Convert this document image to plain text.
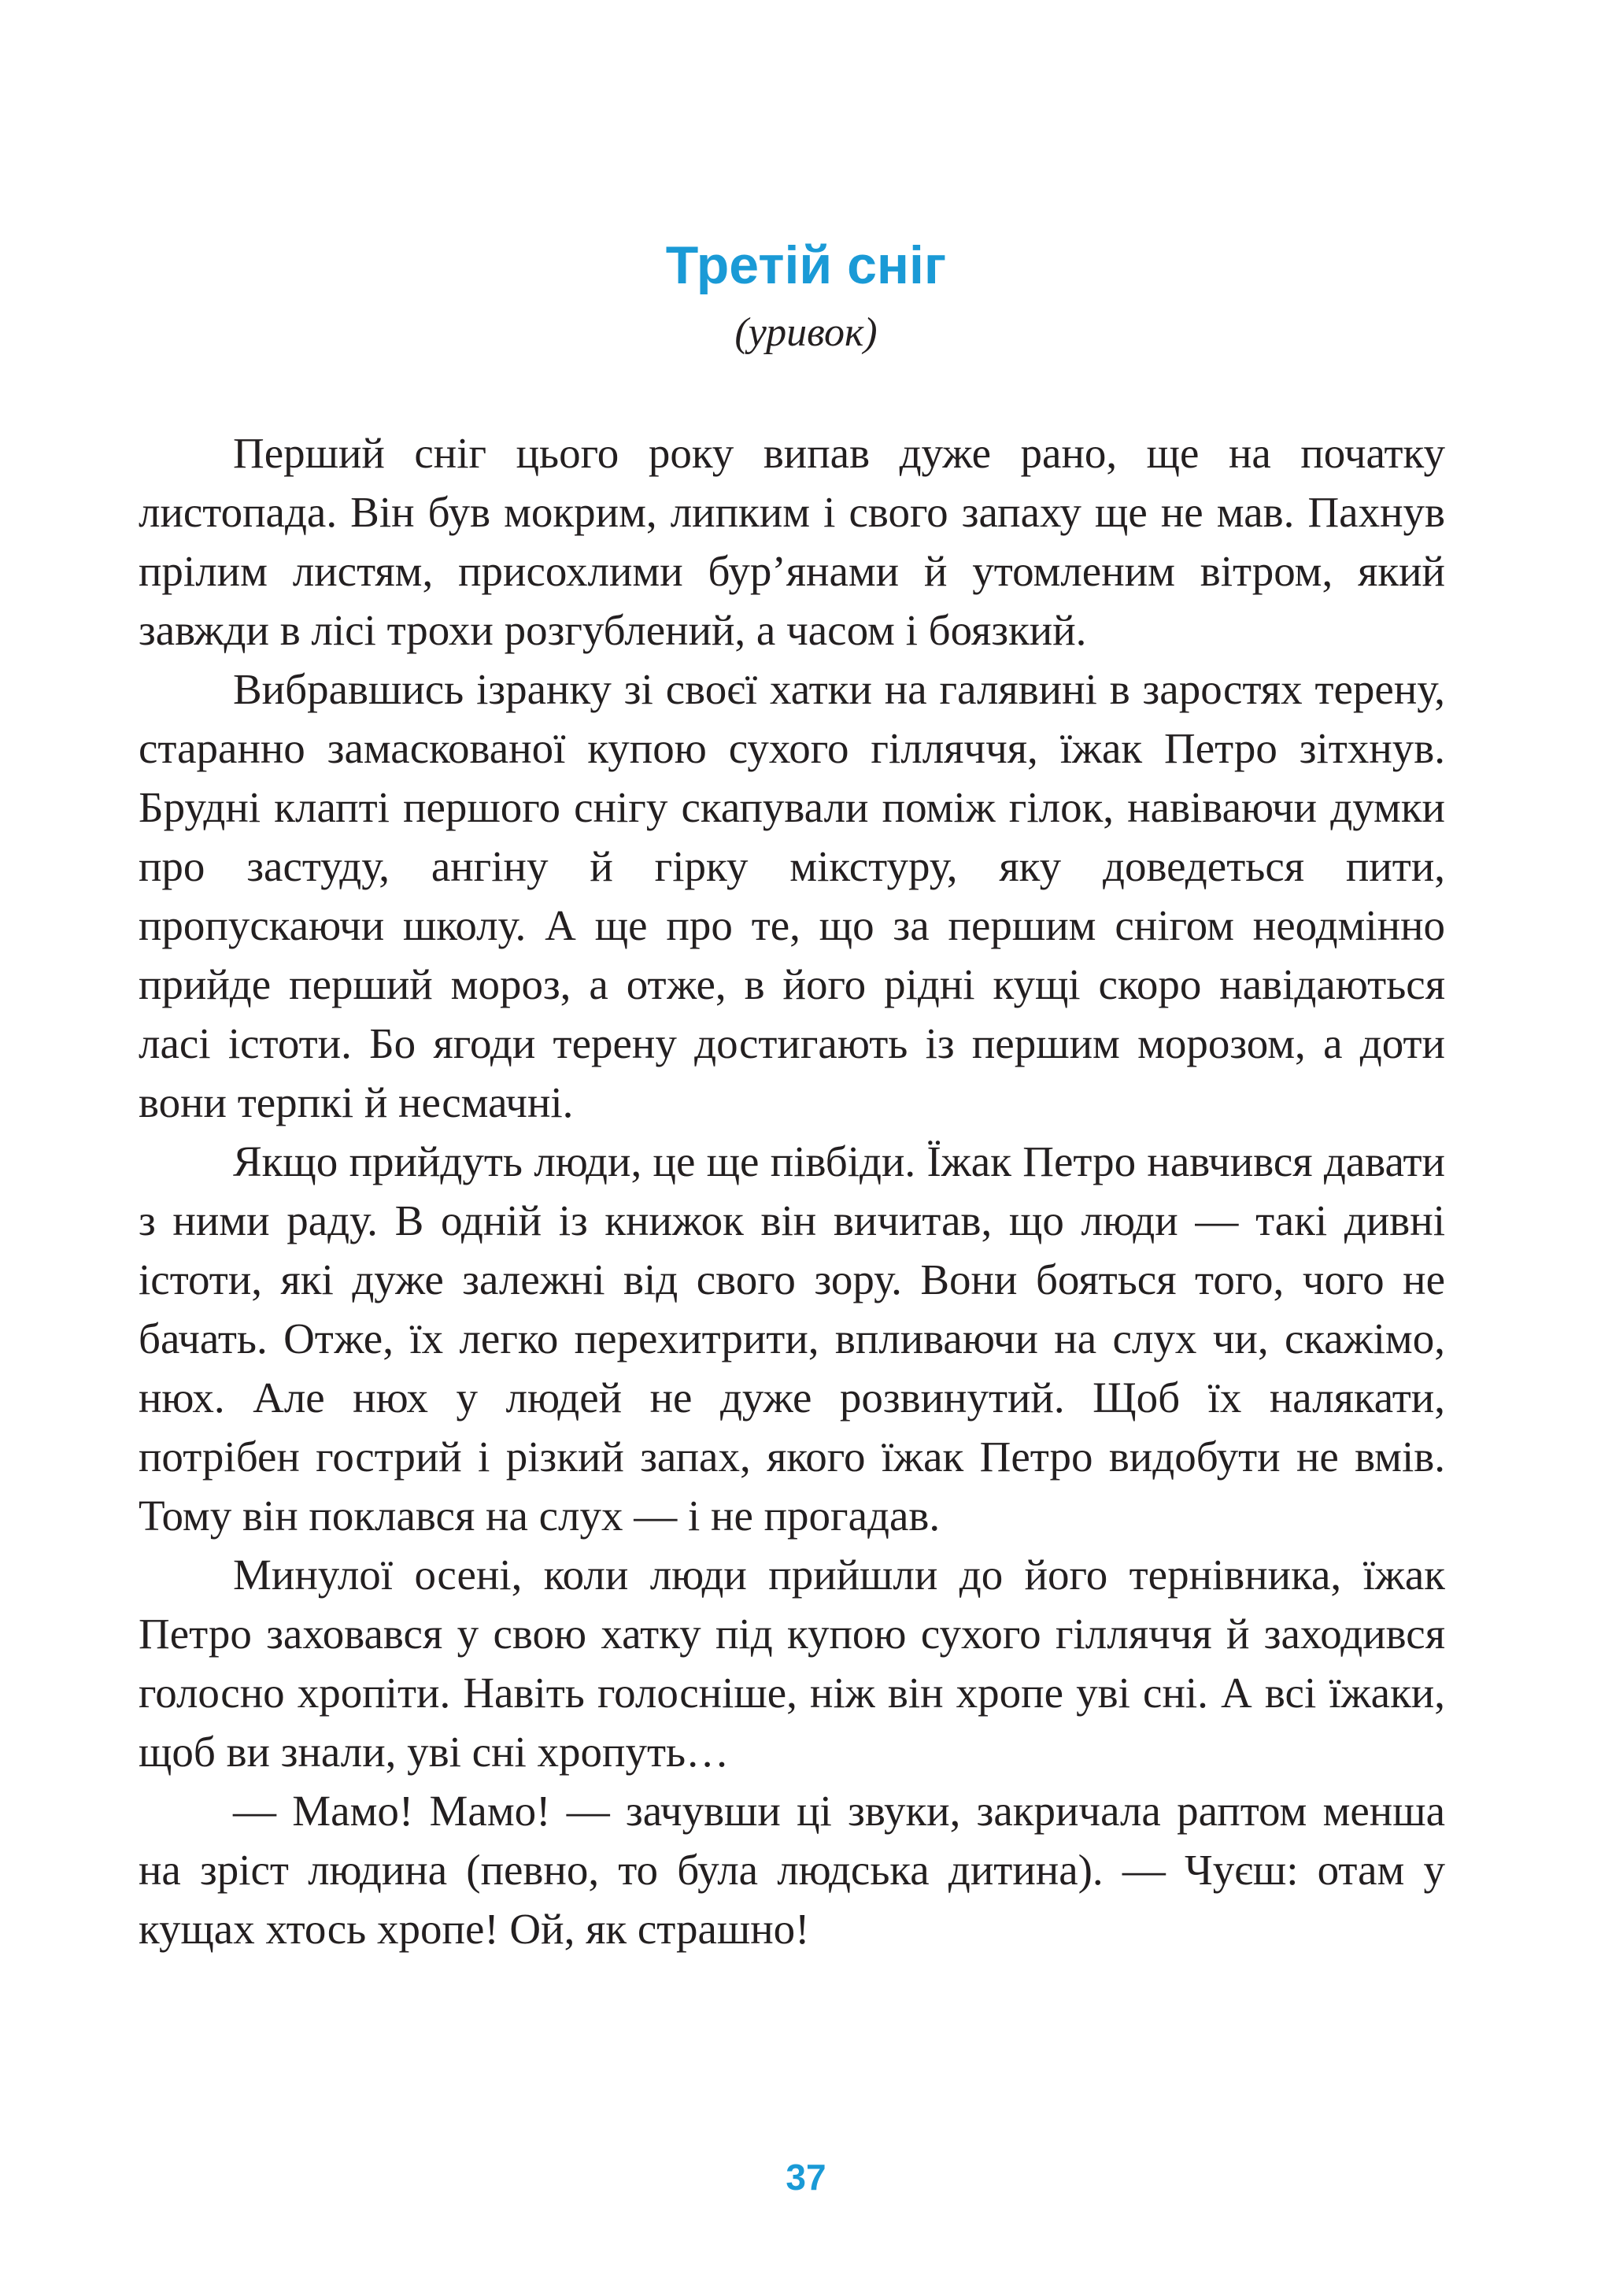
Третій сніг

(уривок)

Перший сніг цього року випав дуже рано, ще на початку листопада. Він був мокрим, липким і свого запаху ще не мав. Пахнув прілим листям, присохлими бур’янами й утомленим вітром, який завжди в лісі трохи розгублений, а часом і боязкий.

Вибравшись ізранку зі своєї хатки на галявині в заростях терену, старанно замаскованої купою сухого гілляччя, їжак Петро зітхнув. Брудні клапті першого снігу скапували поміж гілок, навіваючи думки про застуду, ангіну й гірку мікстуру, яку доведеться пити, пропускаючи школу. А ще про те, що за першим снігом неодмінно прийде перший мороз, а отже, в його рідні кущі скоро навідаються ласі істоти. Бо ягоди терену достигають із першим морозом, а доти вони терпкі й несмачні.

Якщо прийдуть люди, це ще півбіди. Їжак Петро навчився давати з ними раду. В одній із книжок він вичитав, що люди — такі дивні істоти, які дуже залежні від свого зору. Вони бояться того, чого не бачать. Отже, їх легко перехитрити, впливаючи на слух чи, скажімо, нюх. Але нюх у людей не дуже розвинутий. Щоб їх налякати, потрібен гострий і різкий запах, якого їжак Петро видобути не вмів. Тому він поклався на слух — і не прогадав.

Минулої осені, коли люди прийшли до його тернівника, їжак Петро заховався у свою хатку під купою сухого гілляччя й заходився голосно хропіти. Навіть голосніше, ніж він хропе уві сні. А всі їжаки, щоб ви знали, уві сні хропуть…

— Мамо! Мамо! — зачувши ці звуки, закричала раптом менша на зріст людина (певно, то була людська дитина). — Чуєш: отам у кущах хтось хропе! Ой, як страшно!

37
